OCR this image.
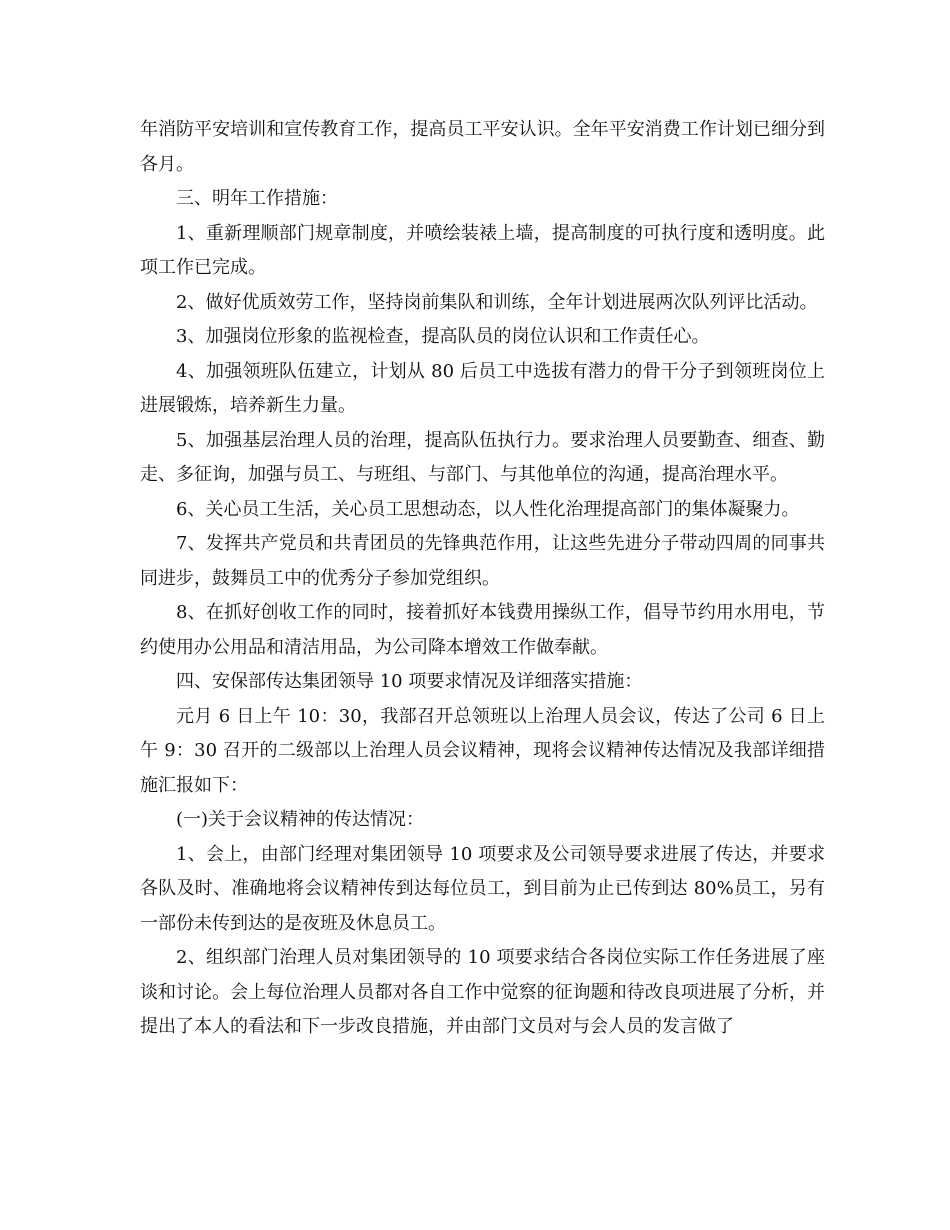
年消防平安培训和宣传教育工作，提高员工平安认识。全年平安消费工作计划已细分到各月。

三、明年工作措施：

1、重新理顺部门规章制度，并喷绘装裱上墙，提高制度的可执行度和透明度。此项工作已完成。

2、做好优质效劳工作，坚持岗前集队和训练，全年计划进展两次队列评比活动。

3、加强岗位形象的监视检查，提高队员的岗位认识和工作责任心。

4、加强领班队伍建立，计划从 80 后员工中选拔有潜力的骨干分子到领班岗位上进展锻炼，培养新生力量。

5、加强基层治理人员的治理，提高队伍执行力。要求治理人员要勤查、细查、勤走、多征询，加强与员工、与班组、与部门、与其他单位的沟通，提高治理水平。

6、关心员工生活，关心员工思想动态，以人性化治理提高部门的集体凝聚力。

7、发挥共产党员和共青团员的先锋典范作用，让这些先进分子带动四周的同事共同进步，鼓舞员工中的优秀分子参加党组织。

8、在抓好创收工作的同时，接着抓好本钱费用操纵工作，倡导节约用水用电，节约使用办公用品和清洁用品，为公司降本增效工作做奉献。

四、安保部传达集团领导 10 项要求情况及详细落实措施：

元月 6 日上午 10：30，我部召开总领班以上治理人员会议，传达了公司 6 日上午 9：30 召开的二级部以上治理人员会议精神，现将会议精神传达情况及我部详细措施汇报如下：

(一)关于会议精神的传达情况：

1、会上，由部门经理对集团领导 10 项要求及公司领导要求进展了传达，并要求各队及时、准确地将会议精神传到达每位员工，到目前为止已传到达 80%员工，另有一部份未传到达的是夜班及休息员工。

2、组织部门治理人员对集团领导的 10 项要求结合各岗位实际工作任务进展了座谈和讨论。会上每位治理人员都对各自工作中觉察的征询题和待改良项进展了分析，并提出了本人的看法和下一步改良措施，并由部门文员对与会人员的发言做了
